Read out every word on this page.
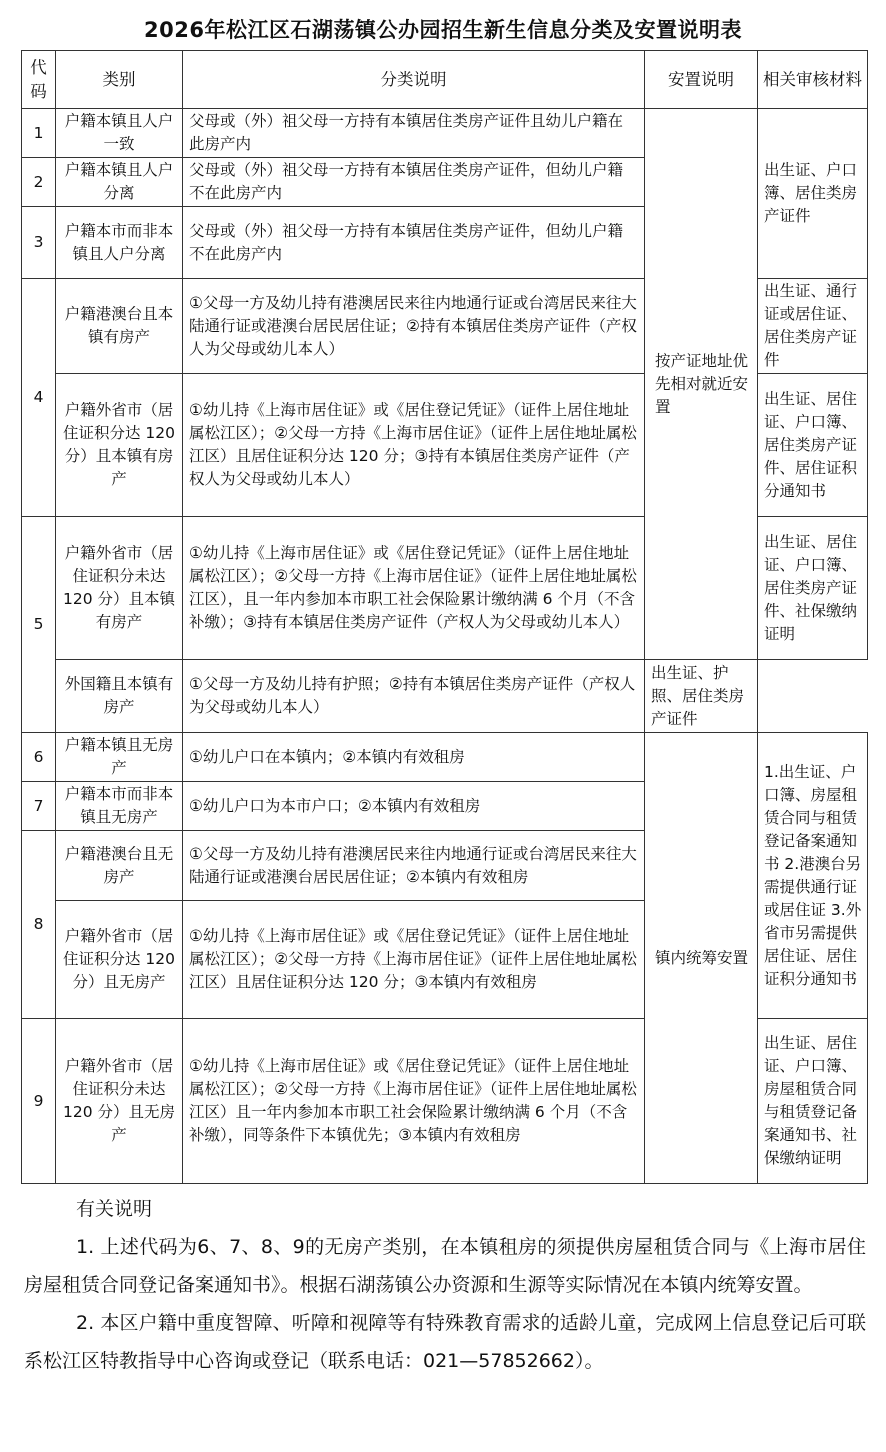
2026年松江区石湖荡镇公办园招生新生信息分类及安置说明表
代码	类别	分类说明	安置说明	相关审核材料
1	户籍本镇且人户一致	父母或（外）祖父母一方持有本镇居住类房产证件且幼儿户籍在此房产内	按产证地址优先相对就近安置	出生证、户口簿、居住类房产证件
2	户籍本镇且人户分离	父母或（外）祖父母一方持有本镇居住类房产证件，但幼儿户籍不在此房产内		
3	户籍本市而非本镇且人户分离	父母或（外）祖父母一方持有本镇居住类房产证件，但幼儿户籍不在此房产内		
4	户籍港澳台且本镇有房产	①父母一方及幼儿持有港澳居民来往内地通行证或台湾居民来往大陆通行证或港澳台居民居住证；②持有本镇居住类房产证件（产权人为父母或幼儿本人）		出生证、通行证或居住证、居住类房产证件
	户籍外省市（居住证积分达 120 分）且本镇有房产	①幼儿持《上海市居住证》或《居住登记凭证》（证件上居住地址属松江区）；②父母一方持《上海市居住证》（证件上居住地址属松江区）且居住证积分达 120 分；③持有本镇居住类房产证件（产权人为父母或幼儿本人）		出生证、居住证、户口簿、居住类房产证件、居住证积分通知书
5	户籍外省市（居住证积分未达 120 分）且本镇有房产	①幼儿持《上海市居住证》或《居住登记凭证》（证件上居住地址属松江区）；②父母一方持《上海市居住证》（证件上居住地址属松江区），且一年内参加本市职工社会保险累计缴纳满 6 个月（不含补缴）；③持有本镇居住类房产证件（产权人为父母或幼儿本人）		出生证、居住证、户口簿、居住类房产证件、社保缴纳证明
	外国籍且本镇有房产	①父母一方及幼儿持有护照；②持有本镇居住类房产证件（产权人为父母或幼儿本人）	出生证、护照、居住类房产证件	
6	户籍本镇且无房产	①幼儿户口在本镇内；②本镇内有效租房	镇内统筹安置	1.出生证、户口簿、房屋租赁合同与租赁登记备案通知书 2.港澳台另需提供通行证或居住证 3.外省市另需提供居住证、居住证积分通知书
7	户籍本市而非本镇且无房产	①幼儿户口为本市户口；②本镇内有效租房		
8	户籍港澳台且无房产	①父母一方及幼儿持有港澳居民来往内地通行证或台湾居民来往大陆通行证或港澳台居民居住证；②本镇内有效租房		
	户籍外省市（居住证积分达 120 分）且无房产	①幼儿持《上海市居住证》或《居住登记凭证》（证件上居住地址属松江区）；②父母一方持《上海市居住证》（证件上居住地址属松江区）且居住证积分达 120 分；③本镇内有效租房		
9	户籍外省市（居住证积分未达 120 分）且无房产	①幼儿持《上海市居住证》或《居住登记凭证》（证件上居住地址属松江区）；②父母一方持《上海市居住证》（证件上居住地址属松江区）且一年内参加本市职工社会保险累计缴纳满 6 个月（不含补缴），同等条件下本镇优先；③本镇内有效租房		出生证、居住证、户口簿、房屋租赁合同与租赁登记备案通知书、社保缴纳证明
有关说明
1. 上述代码为6、7、8、9的无房产类别，在本镇租房的须提供房屋租赁合同与《上海市居住房屋租赁合同登记备案通知书》。根据石湖荡镇公办资源和生源等实际情况在本镇内统筹安置。
2. 本区户籍中重度智障、听障和视障等有特殊教育需求的适龄儿童，完成网上信息登记后可联系松江区特教指导中心咨询或登记（联系电话：021—57852662）。
